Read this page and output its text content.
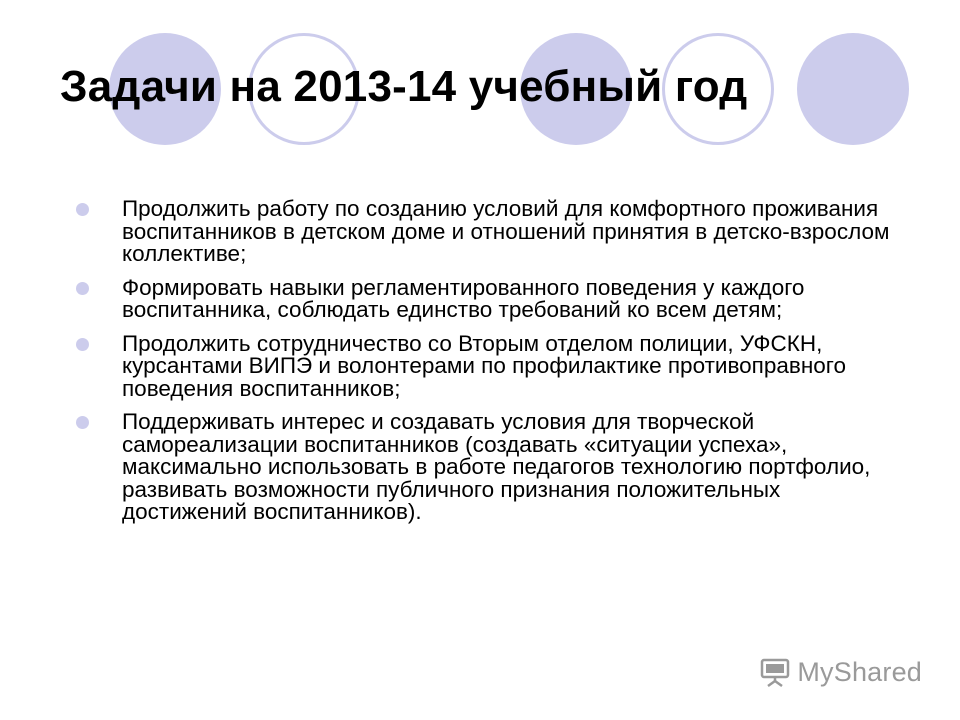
Задачи на 2013-14 учебный год
Продолжить работу по созданию условий для комфортного проживания воспитанников в детском доме и отношений принятия в детско-взрослом коллективе;
Формировать навыки регламентированного поведения у каждого воспитанника, соблюдать единство требований ко всем детям;
Продолжить сотрудничество со Вторым отделом полиции, УФСКН, курсантами ВИПЭ и волонтерами по профилактике противоправного поведения воспитанников;
Поддерживать интерес и создавать условия для творческой самореализации воспитанников (создавать «ситуации успеха», максимально использовать в работе педагогов технологию портфолио, развивать возможности публичного признания положительных достижений воспитанников).
MyShared
